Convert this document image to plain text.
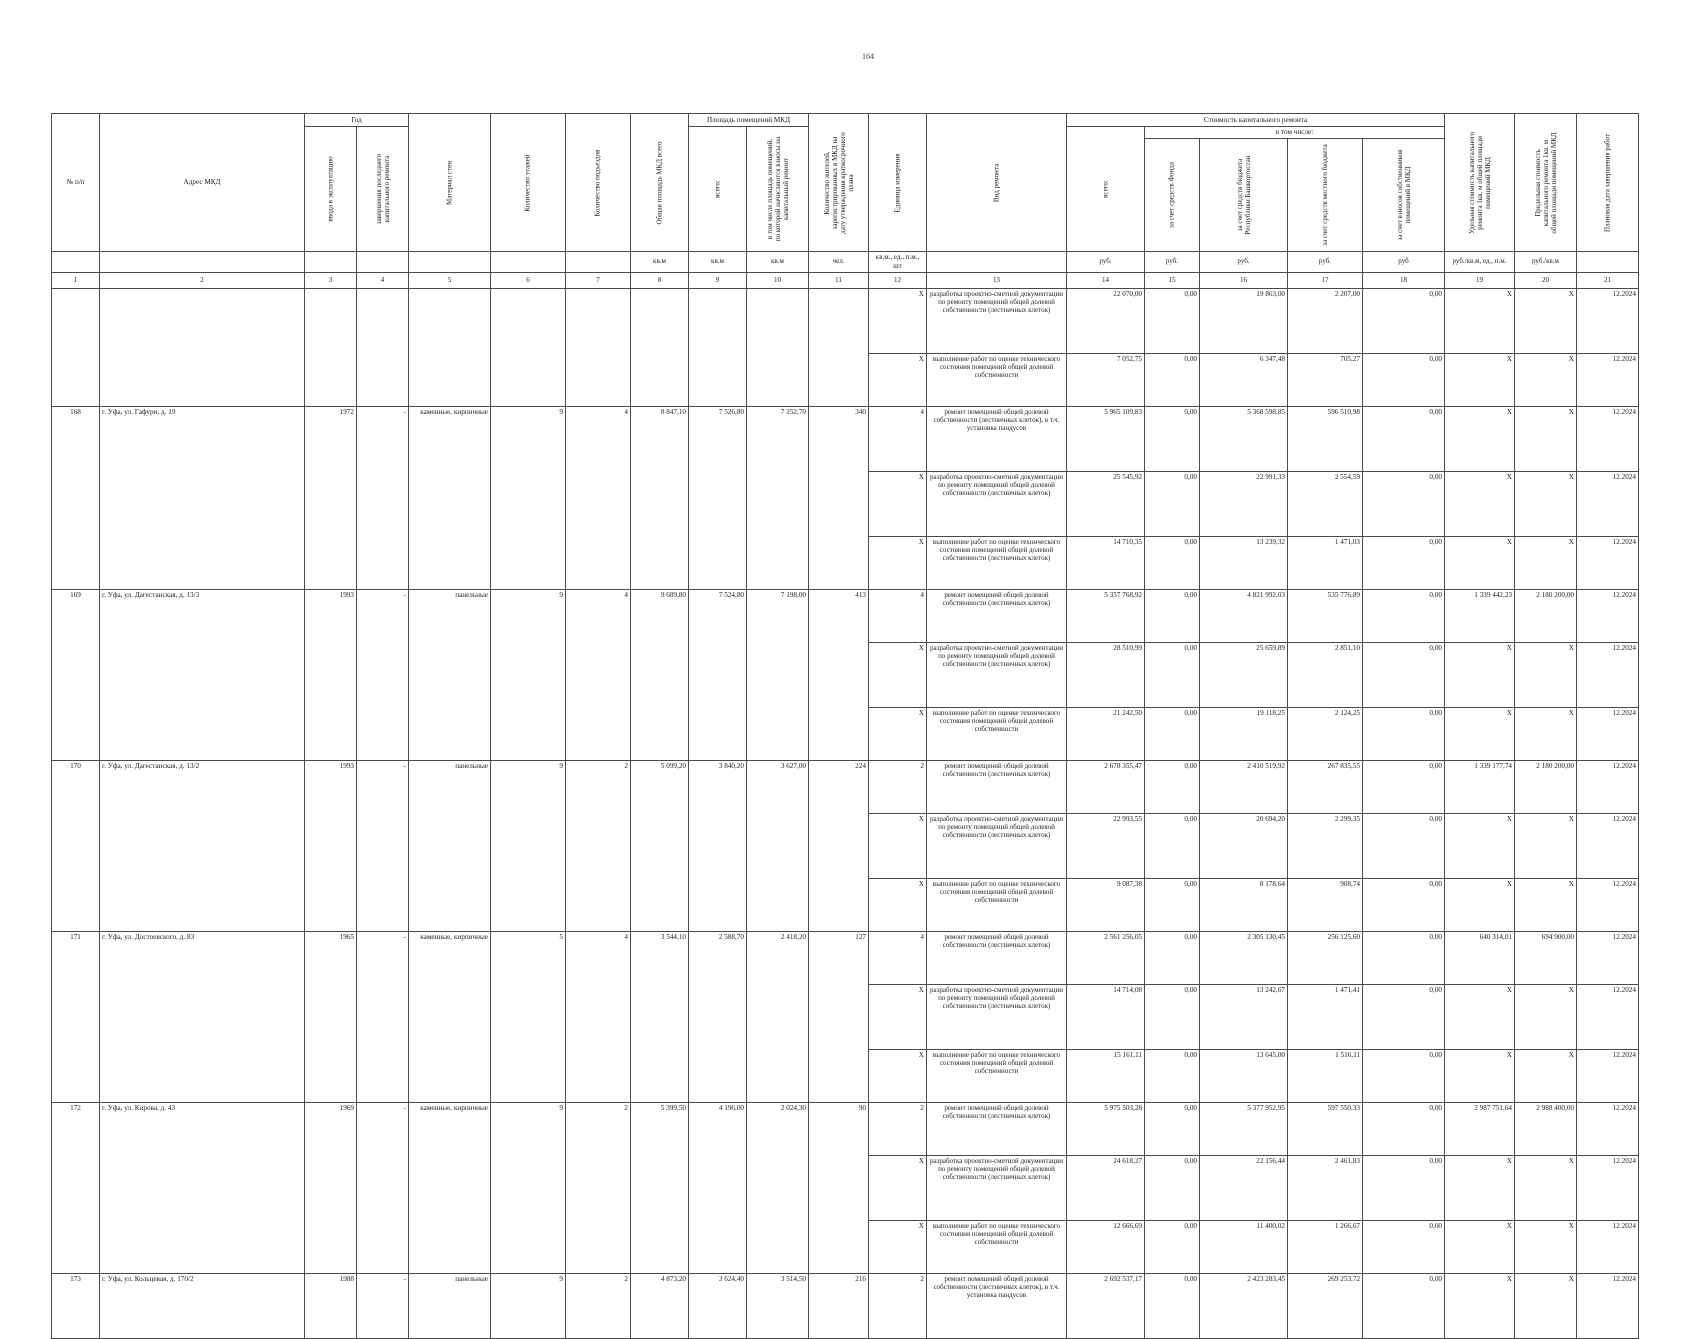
164
№ п/п	Адрес МКД	Год		Материал стен	Количество этажей	Количество подъездов	Общая площадь МКД всего	Площадь помещений МКД		Количество жителей, зарегистрированных в МКД на дату утверждения краткосрочного плана	Единица измерения	Вид ремонта	Стоимость капитального ремонта					Удельная стоимость капитального ремонта 1кв. м общей площади помещений МКД	Предельная стоимость капитального ремонта 1кв. м общей площади помещений МКД	Плановая дата завершения работ

		ввода в эксплуатацию	завершения последнего капитального ремонта					всего:	в том числе площадь помещений, по которой начисляются взносы на капитальный ремонт				всего:	в том числе:						

														за счет средств Фонда	за счет средств бюджета Республики Башкортостан	за счет средств местного бюджета	за счет взносов собственников помещений в МКД			

							кв.м	кв.м	кв.м	чел.	кв.м., ед., п.м., шт		руб.	руб.	руб.	руб.	руб	руб./кв.м, ед., п.м.	руб./кв.м	
1	2	3	4	5	6	7	8	9	10	11	12	13	14	15	16	17	18	19	20	21
											X	разработка проектно-сметной документации по ремонту помещений общей долевой собственности (лестничных клеток)	22 070,00	0,00	19 863,00	2 207,00	0,00	X	X	12.2024
											X	выполнение работ по оценке технического состояния помещений общей долевой собственности	7 052,75	0,00	6 347,48	705,27	0,00	X	X	12.2024
168	г. Уфа, ул. Гафури, д. 19	1972	-	каменные, кирпичные	9	4	8 847,10	7 526,80	7 252,70	340	4	ремонт помещений общей долевой собственности (лестничных клеток), в т.ч. установка пандусов	5 965 109,83	0,00	5 368 598,85	596 510,98	0,00	X	X	12.2024
											X	разработка проектно-сметной документации по ремонту помещений общей долевой собственности (лестничных клеток)	25 545,92	0,00	22 991,33	2 554,59	0,00	X	X	12.2024
											X	выполнение работ по оценке технического состояния помещений общей долевой собственности (лестничных клеток)	14 710,35	0,00	13 239,32	1 471,03	0,00	X	X	12.2024
169	г. Уфа, ул. Дагестанская, д. 13/3	1993	-	панельные	9	4	9 689,80	7 524,80	7 198,00	413	4	ремонт помещений общей долевой собственности (лестничных клеток)	5 357 768,92	0,00	4 821 992,03	535 776,89	0,00	1 339 442,23	2 180 200,00	12.2024
											X	разработка проектно-сметной документации по ремонту помещений общей долевой собственности (лестничных клеток)	28 510,99	0,00	25 659,89	2 851,10	0,00	X	X	12.2024
											X	выполнение работ по оценке технического состояния помещений общей долевой собственности	21 242,50	0,00	19 118,25	2 124,25	0,00	X	X	12.2024
170	г. Уфа, ул. Дагестанская, д. 13/2	1993	-	панельные	9	2	5 099,20	3 840,20	3 627,00	224	2	ремонт помещений общей долевой собственности (лестничных клеток)	2 678 355,47	0,00	2 410 519,92	267 835,55	0,00	1 339 177,74	2 180 200,00	12.2024
											X	разработка проектно-сметной документации по ремонту помещений общей долевой собственности (лестничных клеток)	22 993,55	0,00	20 694,20	2 299,35	0,00	X	X	12.2024
											X	выполнение работ по оценке технического состояния помещений общей долевой собственности	9 087,38	0,00	8 178,64	908,74	0,00	X	X	12.2024
171	г. Уфа, ул. Достоевского, д. 83	1965	-	каменные, кирпичные	5	4	3 544,10	2 588,70	2 418,20	127	4	ремонт помещений общей долевой собственности (лестничных клеток)	2 561 256,05	0,00	2 305 130,45	256 125,60	0,00	640 314,01	694 900,00	12.2024
											X	разработка проектно-сметной документации по ремонту помещений общей долевой собственности (лестничных клеток)	14 714,08	0,00	13 242,67	1 471,41	0,00	X	X	12.2024
											X	выполнение работ по оценке технического состояния помещений общей долевой собственности	15 161,11	0,00	13 645,00	1 516,11	0,00	X	X	12.2024
172	г. Уфа, ул. Кирова, д. 43	1969	-	каменные, кирпичные	9	2	5 399,50	4 196,00	2 024,30	90	2	ремонт помещений общей долевой собственности (лестничных клеток)	5 975 503,28	0,00	5 377 952,95	597 550,33	0,00	2 987 751,64	2 988 400,00	12.2024
											X	разработка проектно-сметной документации по ремонту помещений общей долевой собственности (лестничных клеток)	24 618,27	0,00	22 156,44	2 461,83	0,00	X	X	12.2024
											X	выполнение работ по оценке технического состояния помещений общей долевой собственности	12 666,69	0,00	11 400,02	1 266,67	0,00	X	X	12.2024
173	г. Уфа, ул. Кольцевая, д. 170/2	1988	-	панельные	9	2	4 873,20	3 624,40	3 514,50	216	2	ремонт помещений общей долевой собственности (лестничных клеток), в т.ч. установка пандусов	2 692 537,17	0,00	2 423 283,45	269 253,72	0,00	X	X	12.2024
